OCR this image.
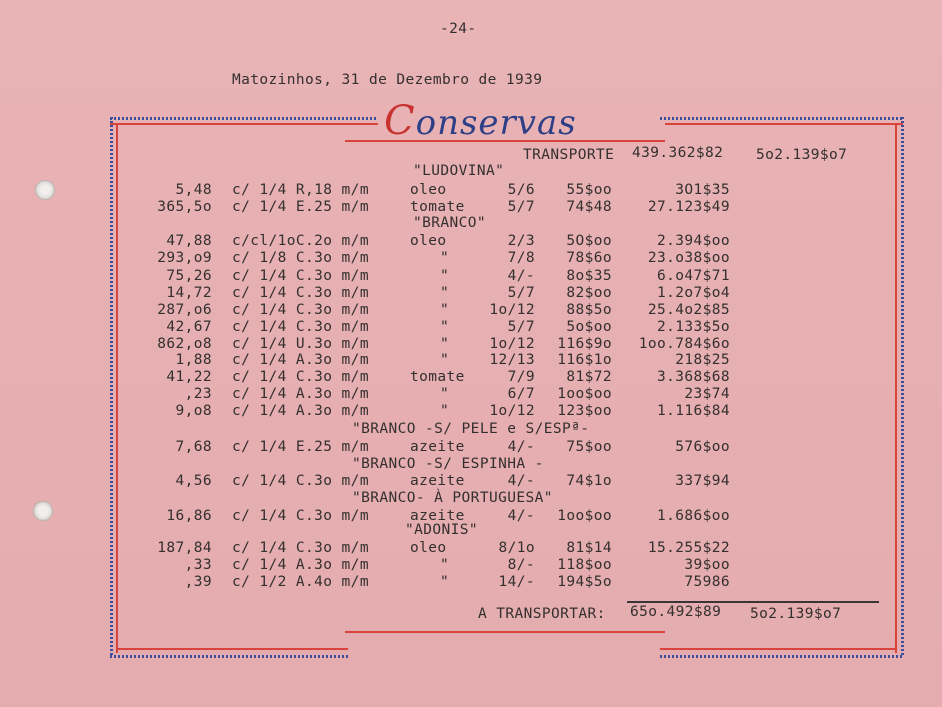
-24-
Matozinhos, 31 de Dezembro de 1939
Conservas
TRANSPORTE 439.362$82 5o2.139$o7
"LUDOVINA"
5,48 c/ 1/4 R,18 m/m	oleo	5/6	55$oo	3O1$35
365,5o c/ 1/4 E.25 m/m	tomate	5/7	74$48	27.123$49
"BRANCO"
47,88 c/cl/1oC.2o m/m	oleo	2/3	5O$oo	2.394$oo
293,o9 c/ 1/8 C.3o m/m	"	7/8	78$6o	23.o38$oo
75,26 c/ 1/4 C.3o m/m	"	4/-	8o$35	6.o47$71
14,72 c/ 1/4 C.3o m/m	"	5/7	82$oo	1.2o7$o4
287,o6 c/ 1/4 C.3o m/m	"	1o/12	88$5o	25.4o2$85
42,67 c/ 1/4 C.3o m/m	"	5/7	5o$oo	2.133$5o
862,o8 c/ 1/4 U.3o m/m	"	1o/12	116$9o	1oo.784$6o
1,88 c/ 1/4 A.3o m/m	"	12/13	116$1o	218$25
41,22 c/ 1/4 C.3o m/m	tomate	7/9	81$72	3.368$68
,23 c/ 1/4 A.3o m/m	"	6/7	1oo$oo	23$74
9,o8 c/ 1/4 A.3o m/m	"	1o/12	123$oo	1.116$84
"BRANCO -S/ PELE e S/ESPª-
7,68 c/ 1/4 E.25 m/m	azeite	4/-	75$oo	576$oo
"BRANCO -S/ ESPINHA -
4,56 c/ 1/4 C.3o m/m	azeite	4/-	74$1o	337$94
"BRANCO- À PORTUGUESA"
16,86 c/ 1/4 C.3o m/m	azeite	4/-	1oo$oo	1.686$oo
"ADONIS"
187,84 c/ 1/4 C.3o m/m	oleo	8/1o	81$14	15.255$22
,33 c/ 1/4 A.3o m/m	"	8/-	118$oo	39$oo
,39 c/ 1/2 A.4o m/m	"	14/-	194$5o	75986
A TRANSPORTAR: 65o.492$89 5o2.139$o7
